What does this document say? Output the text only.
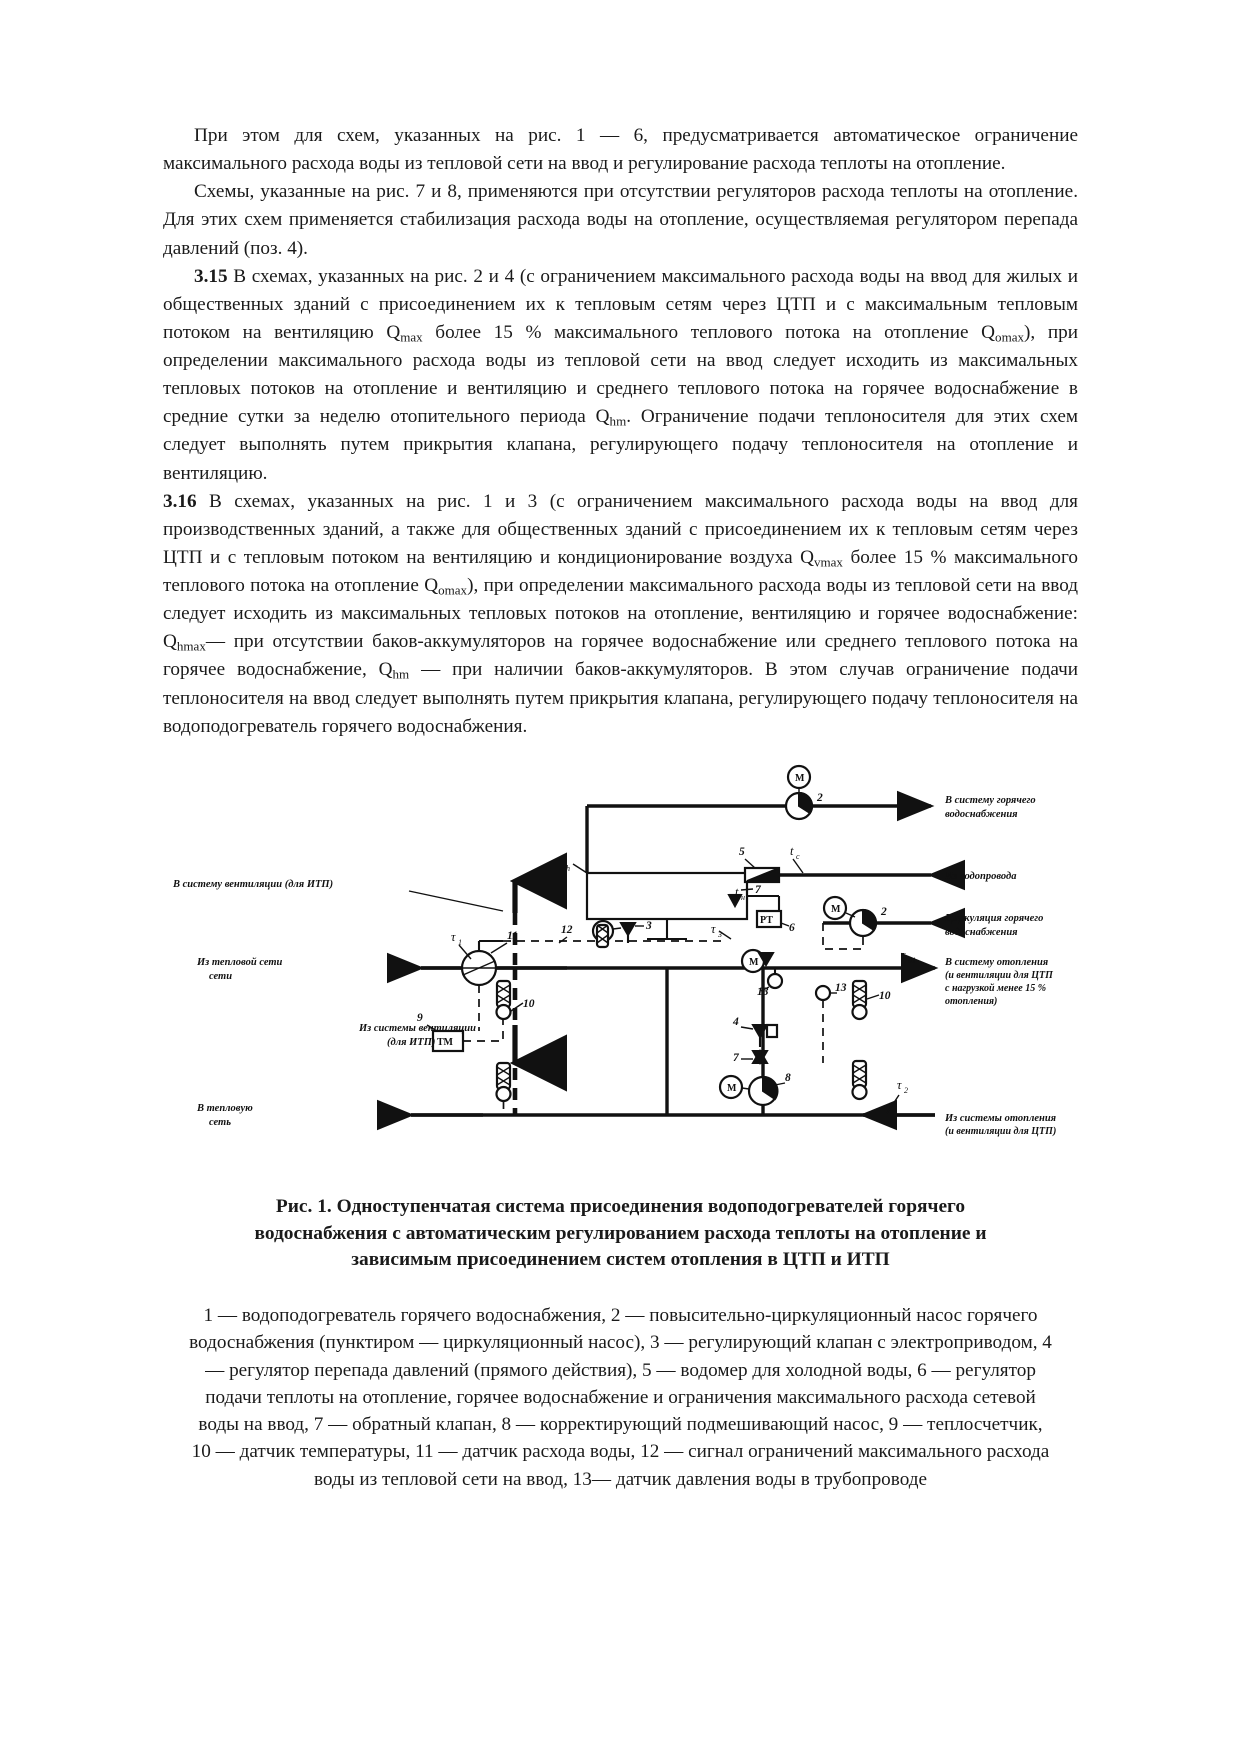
При этом для схем, указанных на рис. 1 — 6, предусматривается автоматическое ограничение максимального расхода воды из тепловой сети на ввод и регулирование расхода теплоты на отопление.

Схемы, указанные на рис. 7 и 8, применяются при отсутствии регуляторов расхода теплоты на отопление. Для этих схем применяется стабилизация расхода воды на отопление, осуществляемая регулятором перепада давлений (поз. 4).

3.15 В схемах, указанных на рис. 2 и 4 (с ограничением максимального расхода воды на ввод для жилых и общественных зданий с присоединением их к тепловым сетям через ЦТП и с максимальным тепловым потоком на вентиляцию $Q_{max}$ более 15 % максимального теплового потока на отопление $Q_{omax}$), при определении максимального расхода воды из тепловой сети на ввод следует исходить из максимальных тепловых потоков на отопление и вентиляцию и среднего теплового потока на горячее водоснабжение в средние сутки за неделю отопительного периода $Q_{hm}$. Ограничение подачи теплоносителя для этих схем следует выполнять путем прикрытия клапана, регулирующего подачу теплоносителя на отопление и вентиляцию.

3.16 В схемах, указанных на рис. 1 и 3 (с ограничением максимального расхода воды на ввод для производственных зданий, а также для общественных зданий с присоединением их к тепловым сетям через ЦТП и с тепловым потоком на вентиляцию и кондиционирование воздуха $Q_{vmax}$ более 15 % максимального теплового потока на отопление $Q_{omax}$), при определении максимального расхода воды из тепловой сети на ввод следует исходить из максимальных тепловых потоков на отопление, вентиляцию и горячее водоснабжение: $Q_{hmax}—$ при отсутствии баков-аккумуляторов на горячее водоснабжение или среднего теплового потока на горячее водоснабжение, $Q_{hm}$ — при наличии баков-аккумуляторов. В этом случав ограничение подачи теплоносителя на ввод следует выполнять путем прикрытия клапана, регулирующего подачу теплоносителя на водоподогреватель горячего водоснабжения.

t h
М
2
М	2
5	t c
7
3	РТ
6
t н
М
τ 3
11
τ 1
12
ТМ
9
10
10
13	13
4
7
М
8
В систему вентиляции (для ИТП)
Из тепловой сети
сети
В тепловую
сеть
Из системы вентиляции
(для ИТП)
В систему горячего
водоснабжения
Из водопровода
Циркуляция горячего
водоснабжения
В систему отопления
(и вентиляции для ЦТП
с нагрузкой менее 15 %
отопления)
Из системы отопления
(и вентиляции для ЦТП)
τ 01
τ 2
Рис. 1. Одноступенчатая система присоединения водоподогревателей горячего водоснабжения с автоматическим регулированием расхода теплоты на отопление и зависимым присоединением систем отопления в ЦТП и ИТП
1 — водоподогреватель горячего водоснабжения, 2 — повысительно-циркуляционный насос горячего водоснабжения (пунктиром — циркуляционный насос), 3 — регулирующий клапан с электроприводом, 4 — регулятор перепада давлений (прямого действия), 5 — водомер для холодной воды, 6 — регулятор подачи теплоты на отопление, горячее водоснабжение и ограничения максимального расхода сетевой воды на ввод, 7 — обратный клапан, 8 — корректирующий подмешивающий насос, 9 — теплосчетчик, 10 — датчик температуры, 11 — датчик расхода воды, 12 — сигнал ограничений максимального расхода воды из тепловой сети на ввод, 13— датчик давления воды в трубопроводе
